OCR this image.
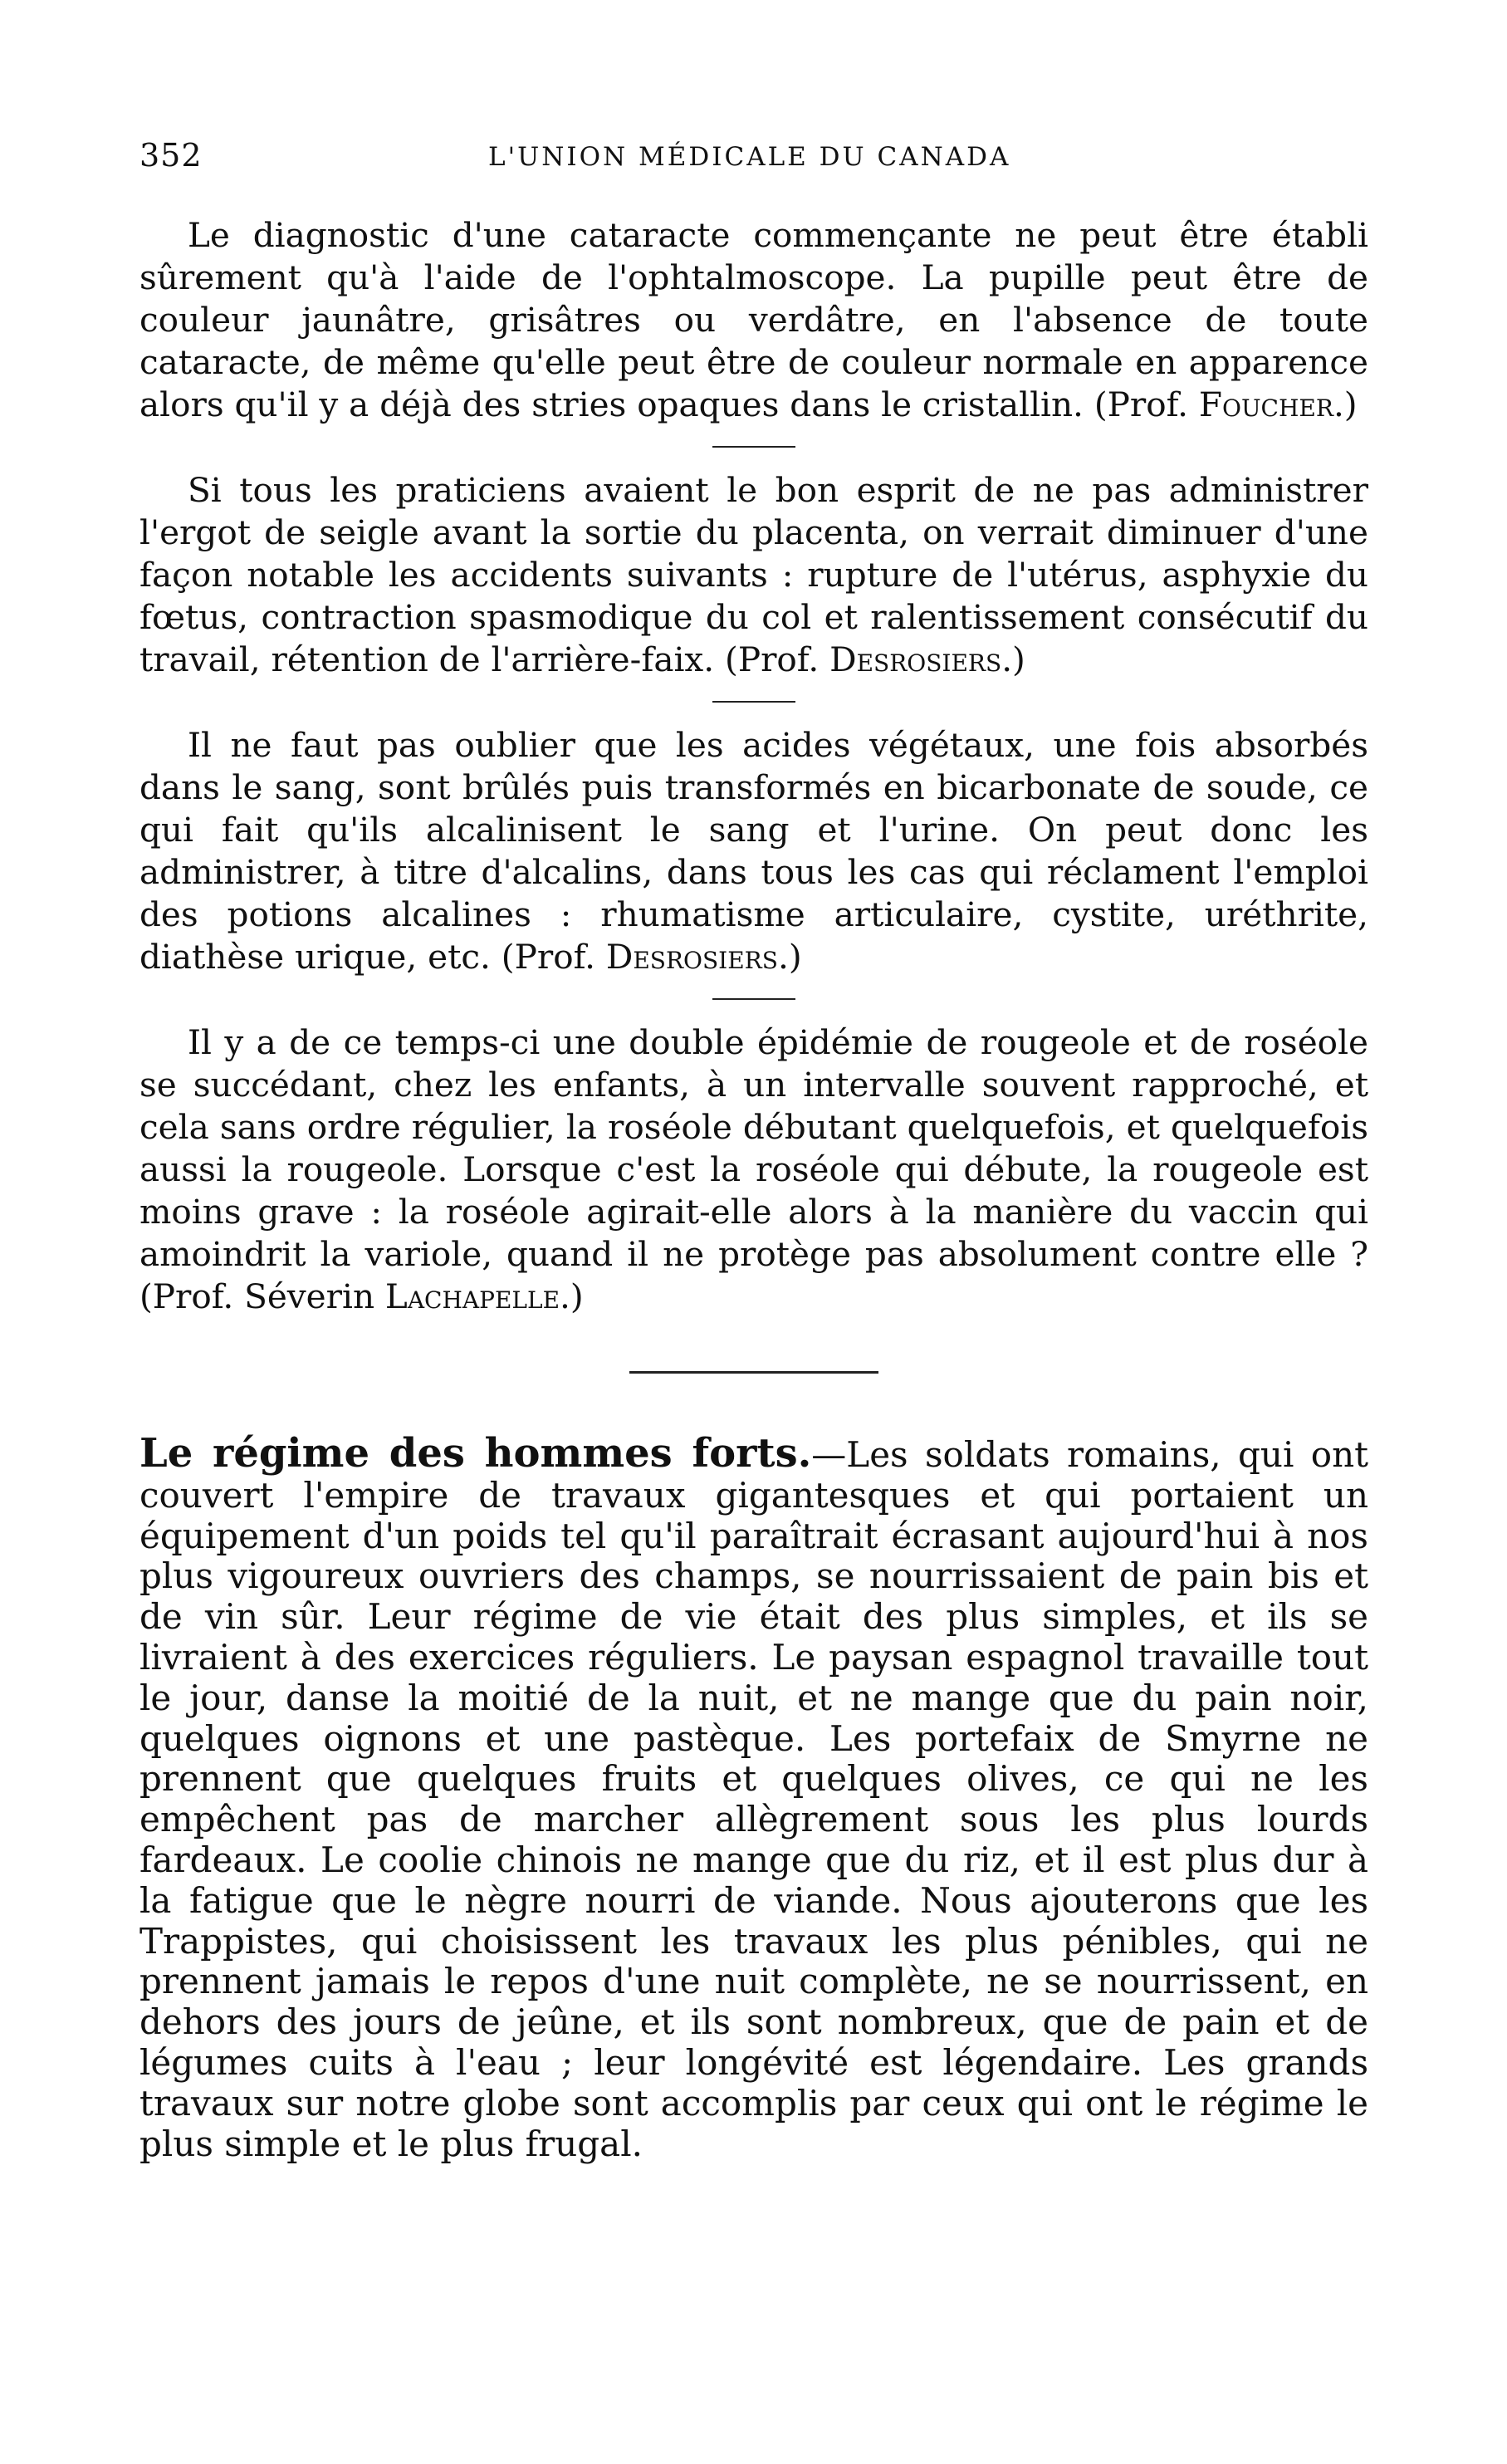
352	L'UNION MÉDICALE DU CANADA

Le diagnostic d'une cataracte commençante ne peut être établi sûrement qu'à l'aide de l'ophtalmoscope. La pupille peut être de couleur jaunâtre, grisâtres ou verdâtre, en l'absence de toute cataracte, de même qu'elle peut être de couleur normale en apparence alors qu'il y a déjà des stries opaques dans le cristallin. (Prof. Foucher.)

Si tous les praticiens avaient le bon esprit de ne pas administrer l'ergot de seigle avant la sortie du placenta, on verrait diminuer d'une façon notable les accidents suivants : rupture de l'utérus, asphyxie du fœtus, contraction spasmodique du col et ralentissement consécutif du travail, rétention de l'arrière-faix. (Prof. Desrosiers.)

Il ne faut pas oublier que les acides végétaux, une fois absorbés dans le sang, sont brûlés puis transformés en bicarbonate de soude, ce qui fait qu'ils alcalinisent le sang et l'urine. On peut donc les administrer, à titre d'alcalins, dans tous les cas qui réclament l'emploi des potions alcalines : rhumatisme articulaire, cystite, uréthrite, diathèse urique, etc. (Prof. Desrosiers.)

Il y a de ce temps-ci une double épidémie de rougeole et de roséole se succédant, chez les enfants, à un intervalle souvent rapproché, et cela sans ordre régulier, la roséole débutant quelquefois, et quelquefois aussi la rougeole. Lorsque c'est la roséole qui débute, la rougeole est moins grave : la roséole agirait-elle alors à la manière du vaccin qui amoindrit la variole, quand il ne protège pas absolument contre elle ? (Prof. Séverin Lachapelle.)

Le régime des hommes forts.—Les soldats romains, qui ont couvert l'empire de travaux gigantesques et qui portaient un équipement d'un poids tel qu'il paraîtrait écrasant aujourd'hui à nos plus vigoureux ouvriers des champs, se nourrissaient de pain bis et de vin sûr. Leur régime de vie était des plus simples, et ils se livraient à des exercices réguliers. Le paysan espagnol travaille tout le jour, danse la moitié de la nuit, et ne mange que du pain noir, quelques oignons et une pastèque. Les portefaix de Smyrne ne prennent que quelques fruits et quelques olives, ce qui ne les empêchent pas de marcher allègrement sous les plus lourds fardeaux. Le coolie chinois ne mange que du riz, et il est plus dur à la fatigue que le nègre nourri de viande. Nous ajouterons que les Trappistes, qui choisissent les travaux les plus pénibles, qui ne prennent jamais le repos d'une nuit complète, ne se nourrissent, en dehors des jours de jeûne, et ils sont nombreux, que de pain et de légumes cuits à l'eau ; leur longévité est légendaire. Les grands travaux sur notre globe sont accomplis par ceux qui ont le régime le plus simple et le plus frugal.
